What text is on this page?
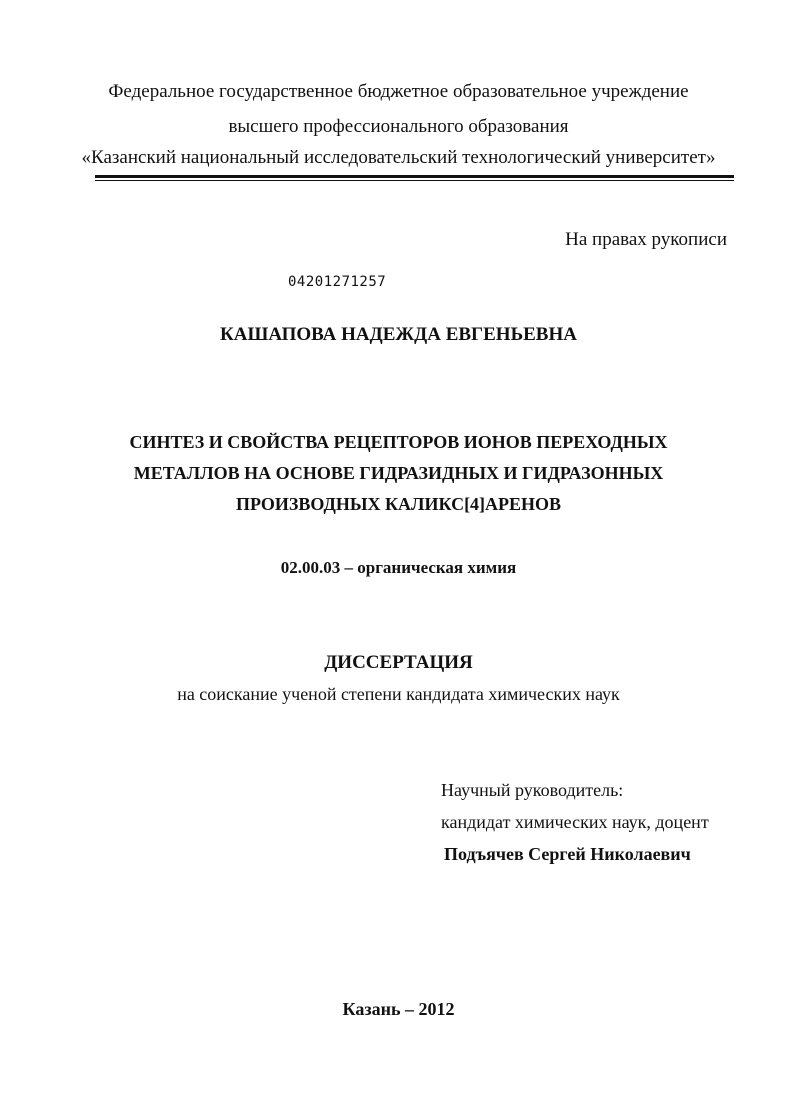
Федеральное государственное бюджетное образовательное учреждение
высшего профессионального образования
«Казанский национальный исследовательский технологический университет»
На правах рукописи
04201271257
КАШАПОВА НАДЕЖДА ЕВГЕНЬЕВНА
СИНТЕЗ И СВОЙСТВА РЕЦЕПТОРОВ ИОНОВ ПЕРЕХОДНЫХ
МЕТАЛЛОВ НА ОСНОВЕ ГИДРАЗИДНЫХ И ГИДРАЗОННЫХ
ПРОИЗВОДНЫХ КАЛИКС[4]АРЕНОВ
02.00.03 – органическая химия
ДИССЕРТАЦИЯ
на соискание ученой степени кандидата химических наук
Научный руководитель:
кандидат химических наук, доцент
Подъячев Сергей Николаевич
Казань – 2012
